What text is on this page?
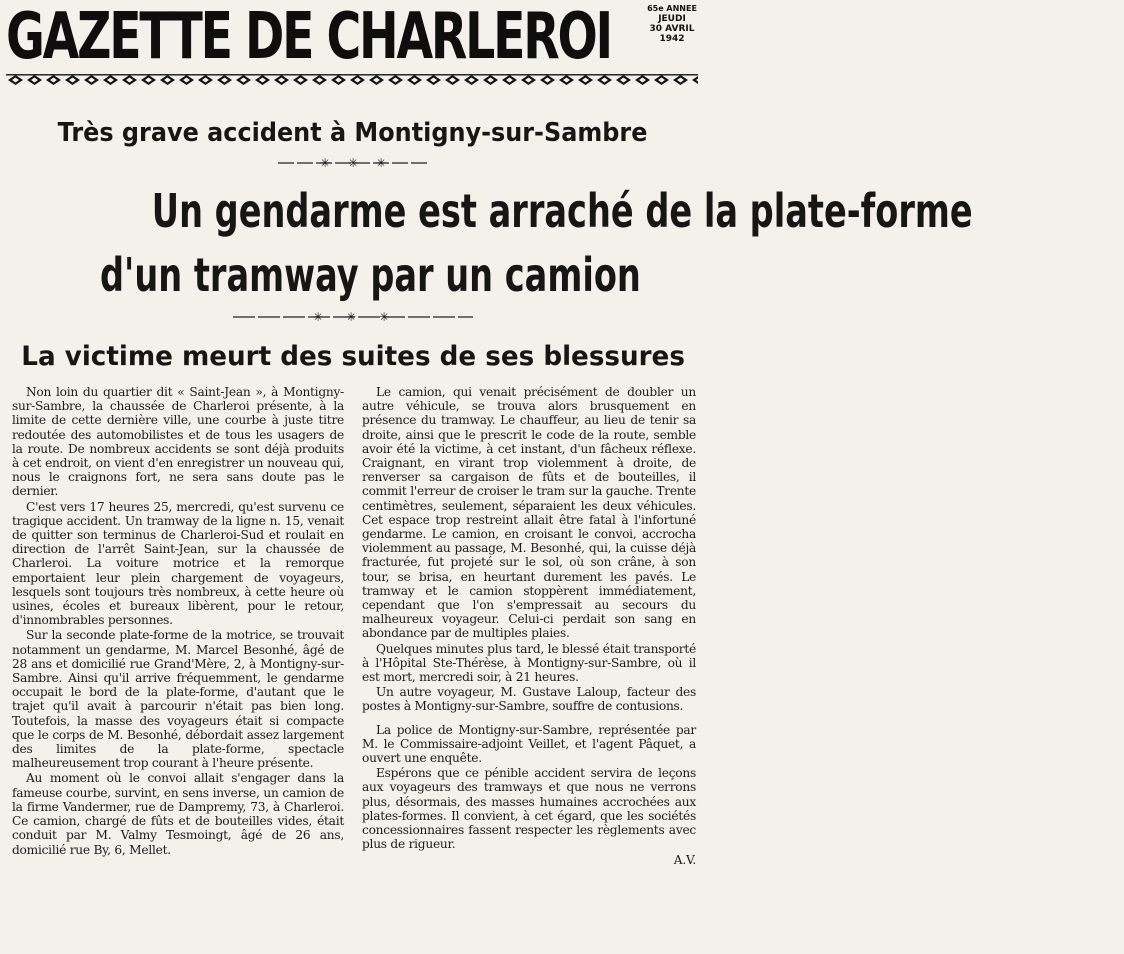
GAZETTE DE CHARLEROI	65e ANNEE
JEUDI
30 AVRIL
1942
Très grave accident à Montigny-sur-Sambre
✳ ✳ ✳
Un gendarme est arraché de la plate-forme
d'un tramway par un camion
✳ ✳ ✳
La victime meurt des suites de ses blessures

Non loin du quartier dit « Saint-Jean », à Montigny-sur-Sambre, la chaussée de Charleroi présente, à la limite de cette dernière ville, une courbe à juste titre redoutée des automobilistes et de tous les usagers de la route. De nombreux accidents se sont déjà produits à cet endroit, on vient d'en enregistrer un nouveau qui, nous le craignons fort, ne sera sans doute pas le dernier.

C'est vers 17 heures 25, mercredi, qu'est survenu ce tragique accident. Un tramway de la ligne n. 15, venait de quitter son terminus de Charleroi-Sud et roulait en direction de l'arrêt Saint-Jean, sur la chaussée de Charleroi. La voiture motrice et la remorque emportaient leur plein chargement de voyageurs, lesquels sont toujours très nombreux, à cette heure où usines, écoles et bureaux libèrent, pour le retour, d'innombrables personnes.

Sur la seconde plate-forme de la motrice, se trouvait notamment un gendarme, M. Marcel Besonhé, âgé de 28 ans et domicilié rue Grand'Mère, 2, à Montigny-sur-Sambre. Ainsi qu'il arrive fréquemment, le gendarme occupait le bord de la plate-forme, d'autant que le trajet qu'il avait à parcourir n'était pas bien long. Toutefois, la masse des voyageurs était si compacte que le corps de M. Besonhé, débordait assez largement des limites de la plate-forme, spectacle malheureusement trop courant à l'heure présente.

Au moment où le convoi allait s'engager dans la fameuse courbe, survint, en sens inverse, un camion de la firme Vandermer, rue de Dampremy, 73, à Charleroi. Ce camion, chargé de fûts et de bouteilles vides, était conduit par M. Valmy Tesmoingt, âgé de 26 ans, domicilié rue By, 6, Mellet.

Le camion, qui venait précisément de doubler un autre véhicule, se trouva alors brusquement en présence du tramway. Le chauffeur, au lieu de tenir sa droite, ainsi que le prescrit le code de la route, semble avoir été la victime, à cet instant, d'un fâcheux réflexe. Craignant, en virant trop violemment à droite, de renverser sa cargaison de fûts et de bouteilles, il commit l'erreur de croiser le tram sur la gauche. Trente centimètres, seulement, séparaient les deux véhicules. Cet espace trop restreint allait être fatal à l'infortuné gendarme. Le camion, en croisant le convoi, accrocha violemment au passage, M. Besonhé, qui, la cuisse déjà fracturée, fut projeté sur le sol, où son crâne, à son tour, se brisa, en heurtant durement les pavés. Le tramway et le camion stoppèrent immédiatement, cependant que l'on s'empressait au secours du malheureux voyageur. Celui-ci perdait son sang en abondance par de multiples plaies.

Quelques minutes plus tard, le blessé était transporté à l'Hôpital Ste-Thérèse, à Montigny-sur-Sambre, où il est mort, mercredi soir, à 21 heures.

Un autre voyageur, M. Gustave Laloup, facteur des postes à Montigny-sur-Sambre, souffre de contusions.

La police de Montigny-sur-Sambre, représentée par M. le Commissaire-adjoint Veillet, et l'agent Pâquet, a ouvert une enquête.

Espérons que ce pénible accident servira de leçons aux voyageurs des tramways et que nous ne verrons plus, désormais, des masses humaines accrochées aux plates-formes. Il convient, à cet égard, que les sociétés concessionnaires fassent respecter les règlements avec plus de rigueur.

A.V.
